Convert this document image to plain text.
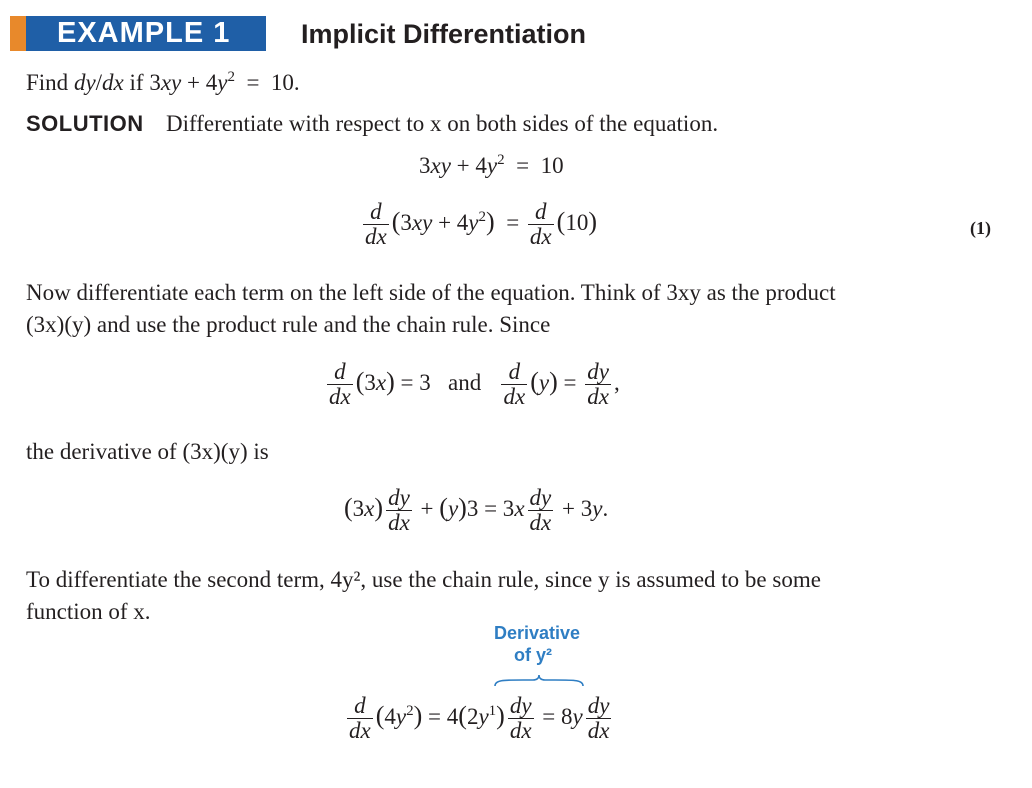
EXAMPLE 1	Implicit Differentiation
Find dy/dx if $3xy + 4y^2 = 10$.
SOLUTION Differentiate with respect to x on both sides of the equation.
$3xy + 4y^2 = 10$
$\frac{d}{dx} (3xy + 4y^2) = \frac{d}{dx} (10)$	(1)
Now differentiate each term on the left side of the equation. Think of 3xy as the product
(3x)(y) and use the product rule and the chain rule. Since
$\frac{d}{dx} (3x) = 3$   and $\frac{d}{dx} (y) = \frac{dy}{dx}$ ,
the derivative of (3x)(y) is
$(3x) \frac{dy}{dx} + (y)3 = 3x \frac{dy}{dx} + 3y$.
To differentiate the second term, 4y², use the chain rule, since y is assumed to be some
function of x.
Derivative
of y²
$\frac{d}{dx} (4y^2) = 4(2y^1) \frac{dy}{dx} = 8y \frac{dy}{dx}$
